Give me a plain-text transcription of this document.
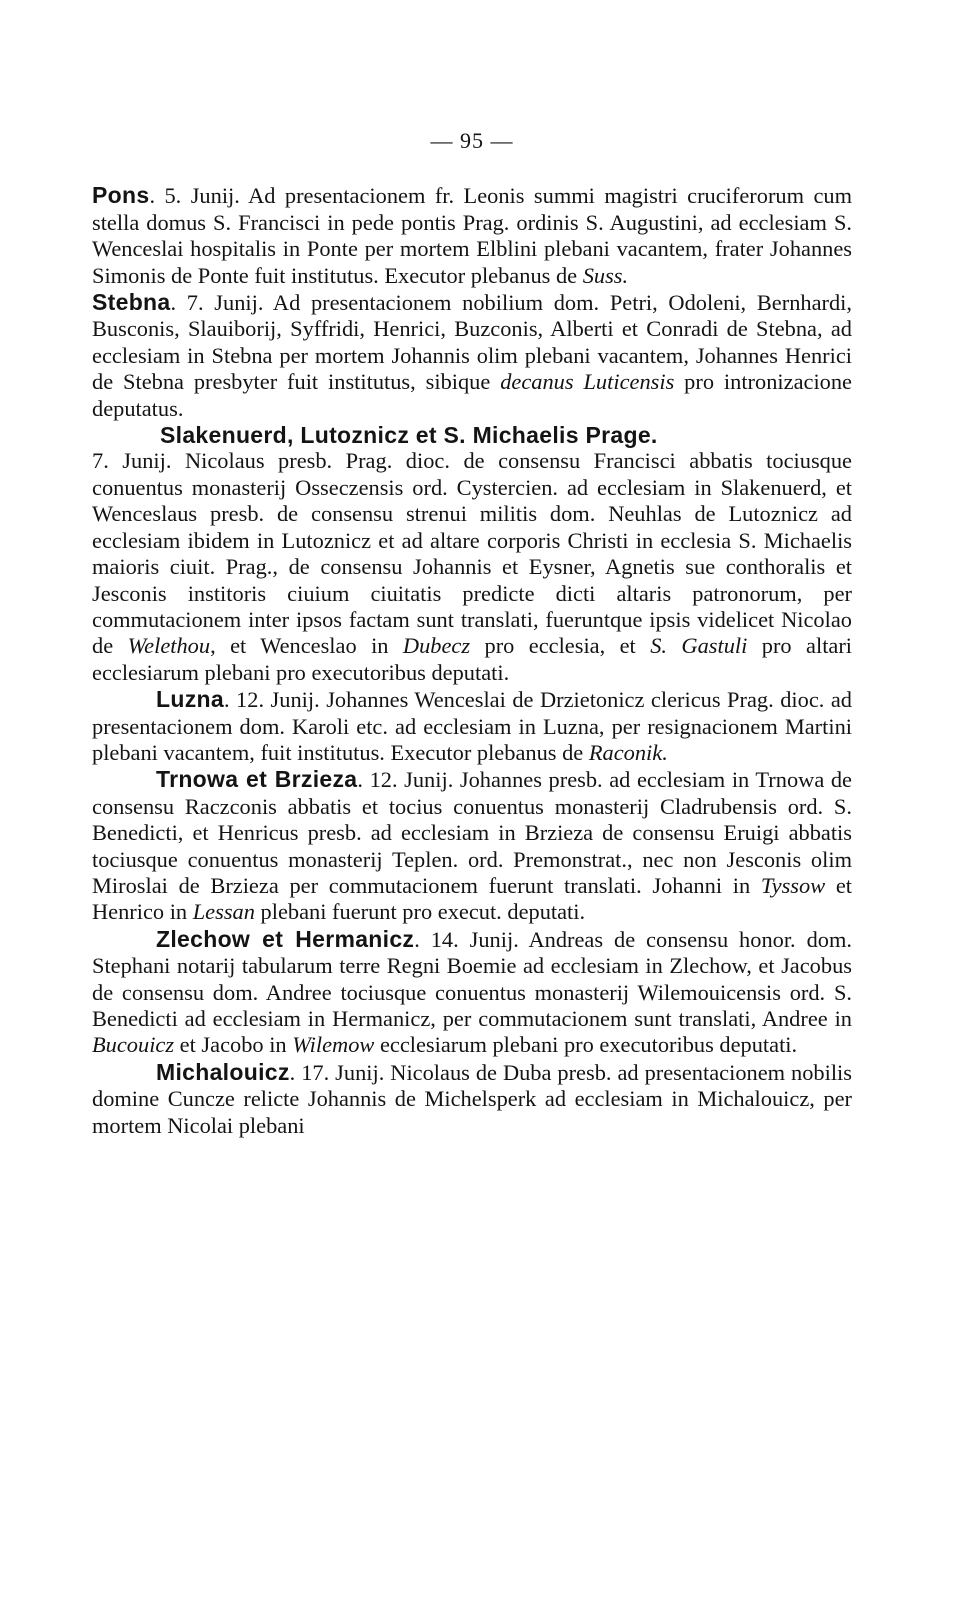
— 95 —

Pons. 5. Junij. Ad presentacionem fr. Leonis summi magistri cruciferorum cum stella domus S. Francisci in pede pontis Prag. ordinis S. Augustini, ad ecclesiam S. Wenceslai hospitalis in Ponte per mortem Elblini plebani vacantem, frater Johannes Simonis de Ponte fuit institutus. Executor plebanus de Suss.

Stebna. 7. Junij. Ad presentacionem nobilium dom. Petri, Odoleni, Bernhardi, Busconis, Slauiborij, Syffridi, Henrici, Buzconis, Alberti et Conradi de Stebna, ad ecclesiam in Stebna per mortem Johannis olim plebani vacantem, Johannes Henrici de Stebna presbyter fuit institutus, sibique decanus Luticensis pro intronizacione deputatus.

Slakenuerd, Lutoznicz et S. Michaelis Prage.
7. Junij. Nicolaus presb. Prag. dioc. de consensu Francisci abbatis tociusque conuentus monasterij Osseczensis ord. Cystercien. ad ecclesiam in Slakenuerd, et Wenceslaus presb. de consensu strenui militis dom. Neuhlas de Lutoznicz ad ecclesiam ibidem in Lutoznicz et ad altare corporis Christi in ecclesia S. Michaelis maioris ciuit. Prag., de consensu Johannis et Eysner, Agnetis sue conthoralis et Jesconis institoris ciuium ciuitatis predicte dicti altaris patronorum, per commutacionem inter ipsos factam sunt translati, fueruntque ipsis videlicet Nicolao de Welethou, et Wenceslao in Dubecz pro ecclesia, et S. Gastuli pro altari ecclesiarum plebani pro executoribus deputati.

Luzna. 12. Junij. Johannes Wenceslai de Drzietonicz clericus Prag. dioc. ad presentacionem dom. Karoli etc. ad ecclesiam in Luzna, per resignacionem Martini plebani vacantem, fuit institutus. Executor plebanus de Raconik.

Trnowa et Brzieza. 12. Junij. Johannes presb. ad ecclesiam in Trnowa de consensu Raczconis abbatis et tocius conuentus monasterij Cladrubensis ord. S. Benedicti, et Henricus presb. ad ecclesiam in Brzieza de consensu Eruigi abbatis tociusque conuentus monasterij Teplen. ord. Premonstrat., nec non Jesconis olim Miroslai de Brzieza per commutacionem fuerunt translati. Johanni in Tyssow et Henrico in Lessan plebani fuerunt pro execut. deputati.

Zlechow et Hermanicz. 14. Junij. Andreas de consensu honor. dom. Stephani notarij tabularum terre Regni Boemie ad ecclesiam in Zlechow, et Jacobus de consensu dom. Andree tociusque conuentus monasterij Wilemouicensis ord. S. Benedicti ad ecclesiam in Hermanicz, per commutacionem sunt translati, Andree in Bucouicz et Jacobo in Wilemow ecclesiarum plebani pro executoribus deputati.

Michalouicz. 17. Junij. Nicolaus de Duba presb. ad presentacionem nobilis domine Cuncze relicte Johannis de Michelsperk ad ecclesiam in Michalouicz, per mortem Nicolai plebani
